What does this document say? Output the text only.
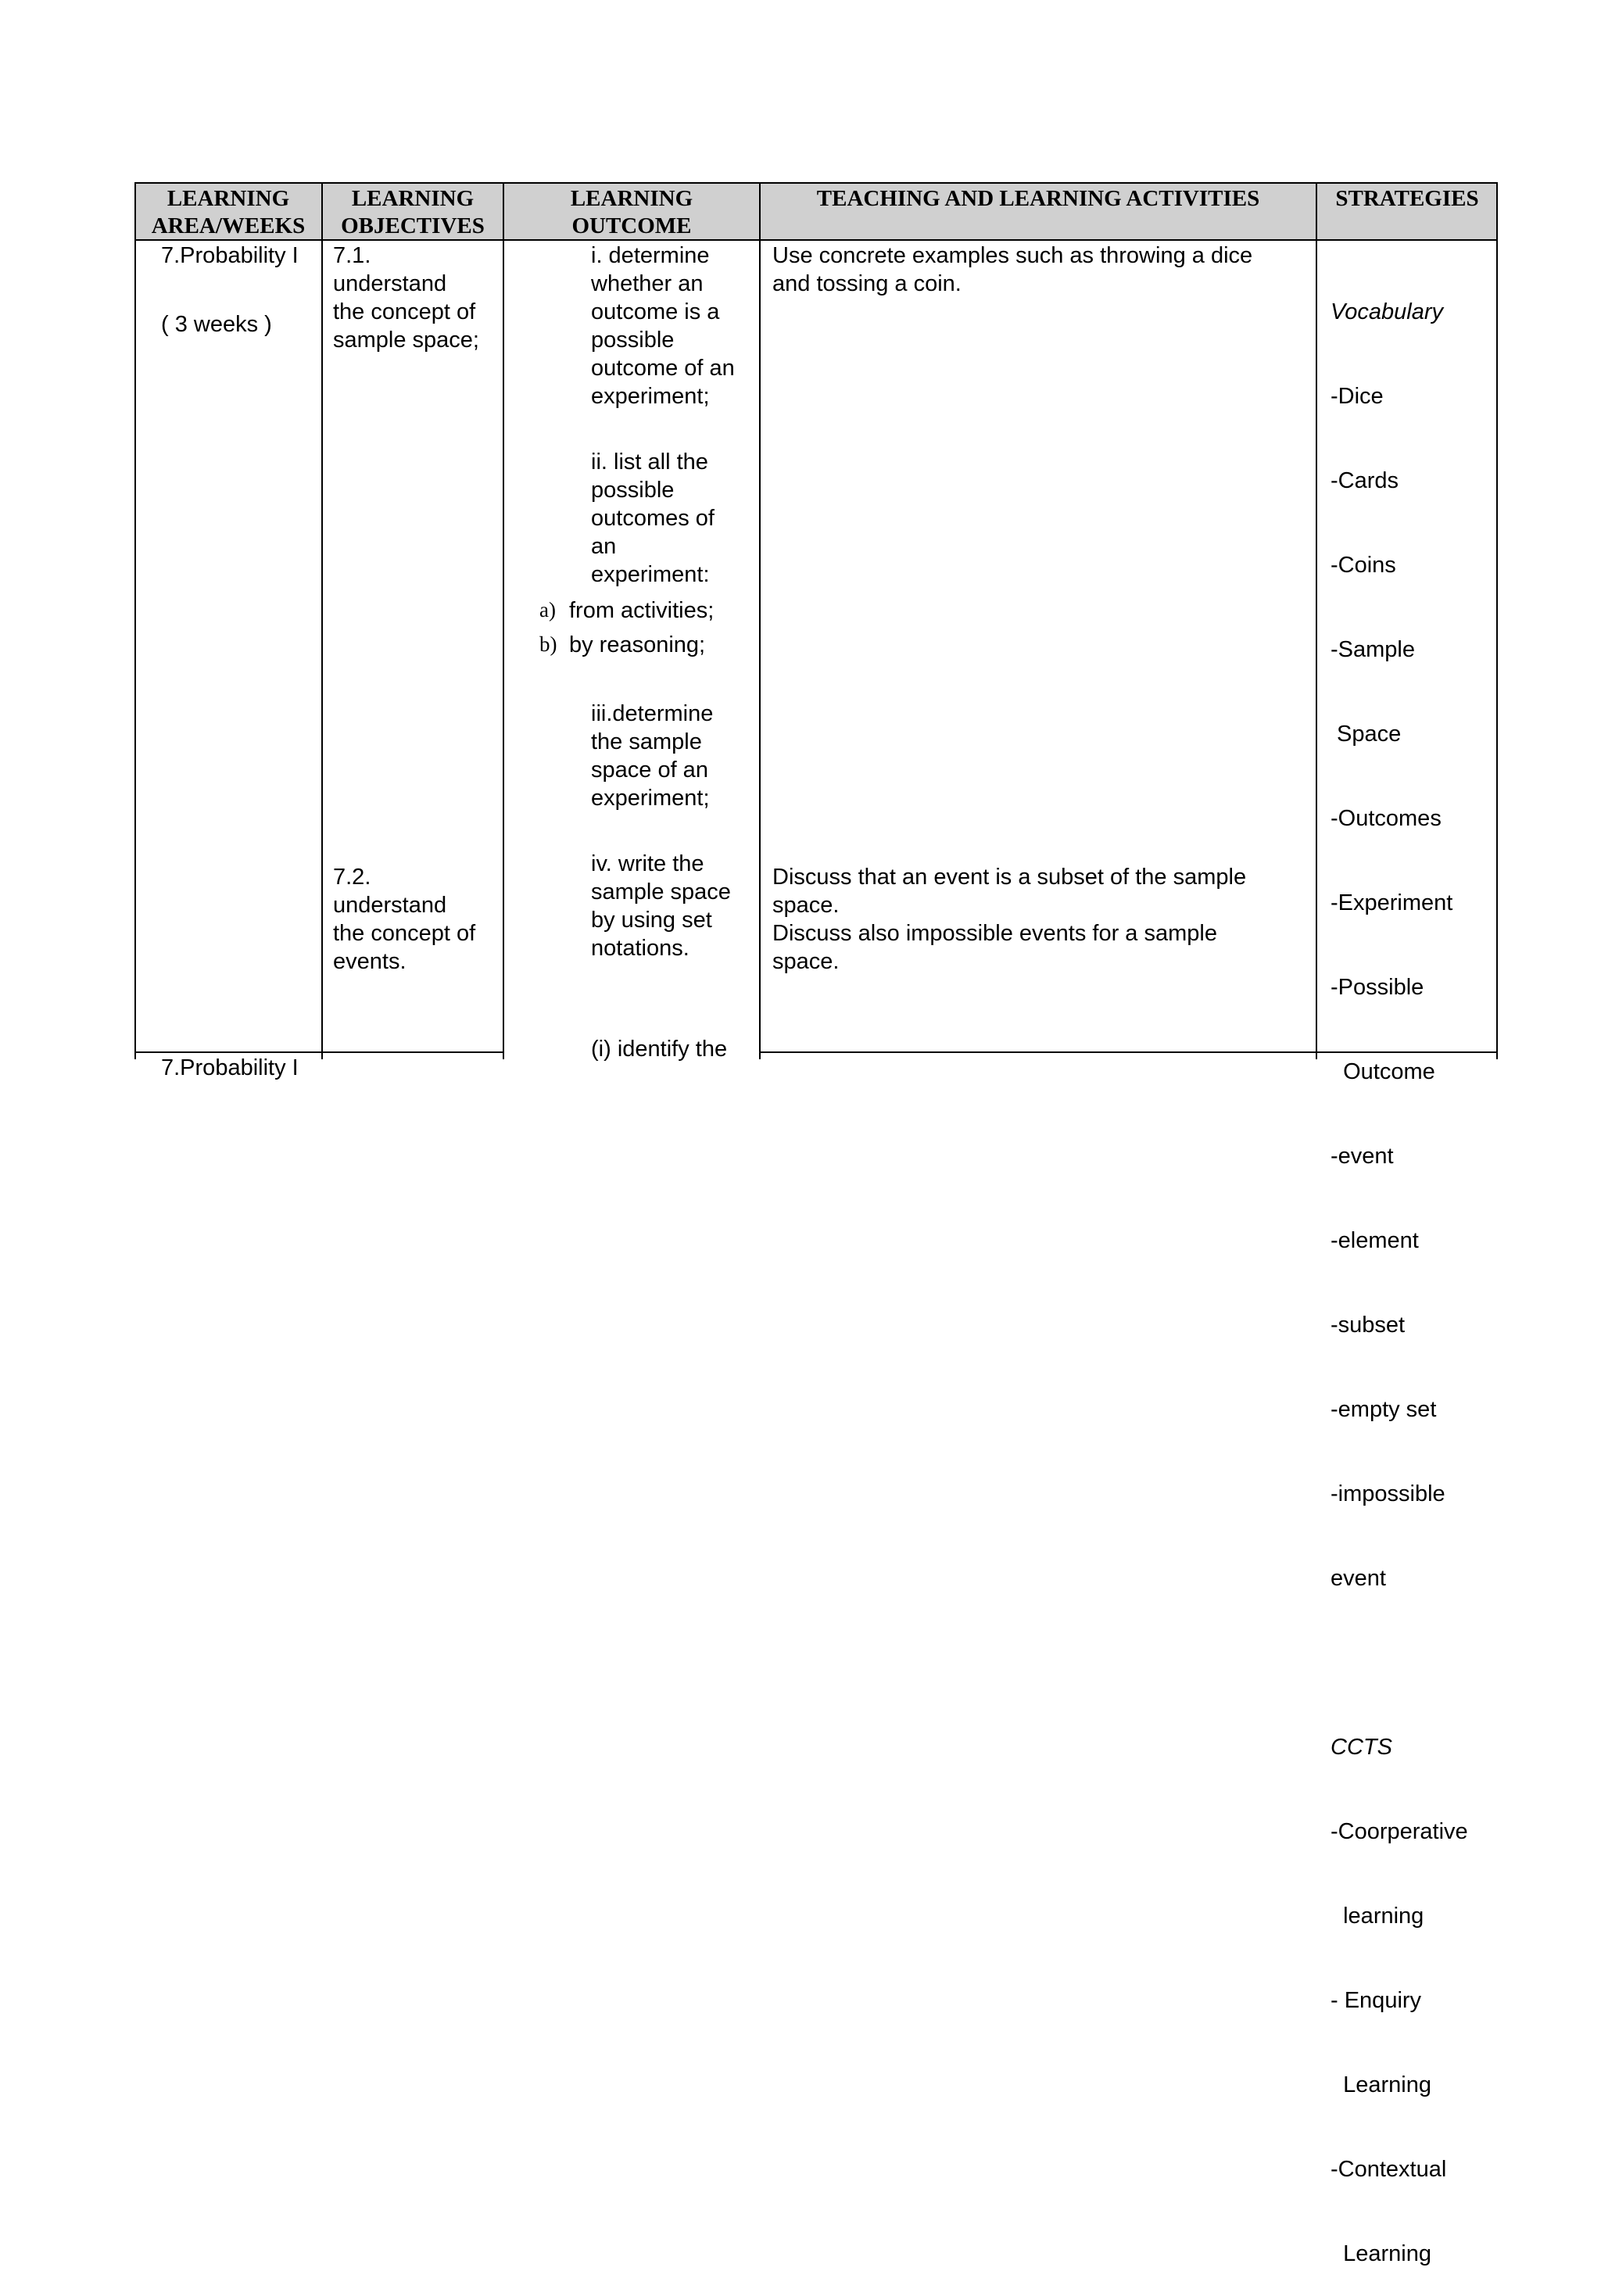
LEARNING
AREA/WEEKS
LEARNING
OBJECTIVES
LEARNING
OUTCOME
TEACHING AND LEARNING ACTIVITIES	STRATEGIES
7.Probability I
( 3 weeks )
7.Probability I
7.1.
understand
the concept of
sample space;
7.2.
understand
the concept of
events.
i. determine
whether an
outcome is a
possible
outcome of an
experiment;
ii. list all the
possible
outcomes of
an
experiment:
a) from activities;
b) by reasoning;
iii.determine
the sample
space of an
experiment;
iv. write the
sample space
by using set
notations.
(i) identify the
Use concrete examples such as throwing a dice
and tossing a coin.
Discuss that an event is a subset of the sample
space.
Discuss also impossible events for a sample
space.

Vocabulary

-Dice

-Cards

-Coins

-Sample

Space

-Outcomes

-Experiment

-Possible

Outcome

-event

-element

-subset

-empty set

-impossible

event

CCTS

-Coorperative

learning

- Enquiry

Learning

-Contextual

Learning
